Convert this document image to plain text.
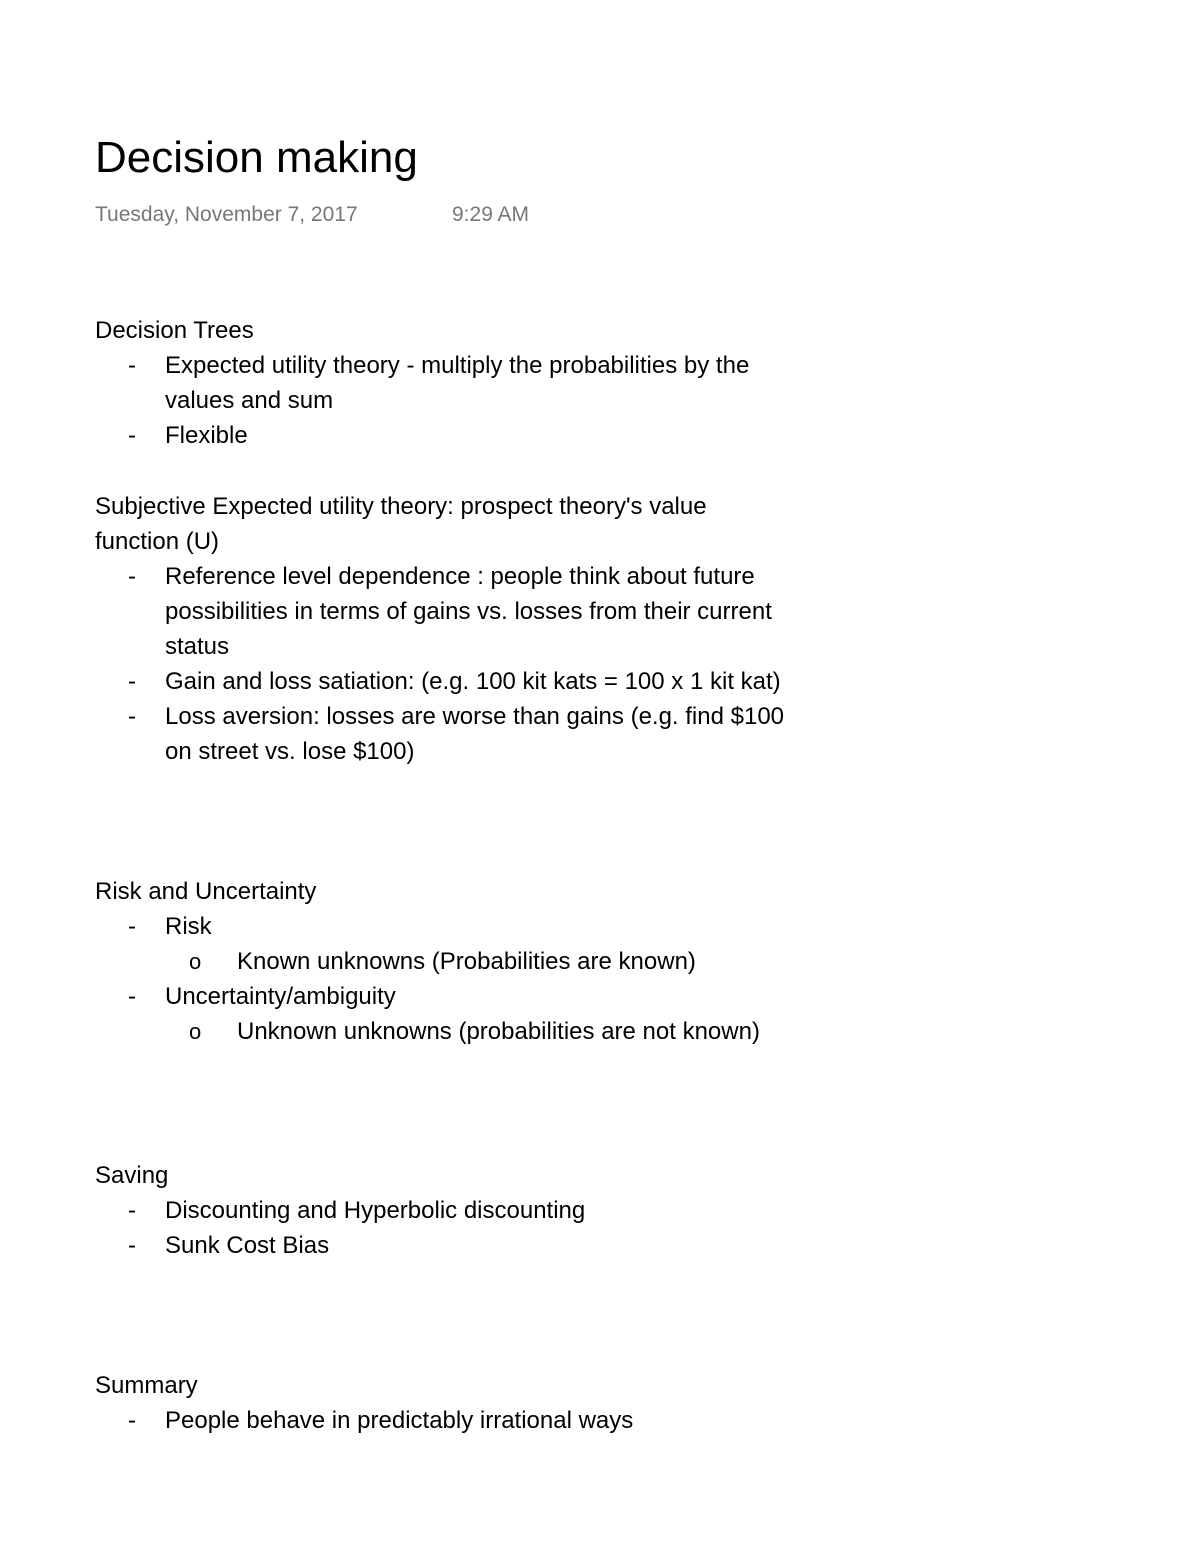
Decision making
Tuesday, November 7, 2017	9:29 AM
Decision Trees
- Expected utility theory - multiply the probabilities by the values and sum
- Flexible
Subjective Expected utility theory: prospect theory's value function (U)
- Reference level dependence : people think about future possibilities in terms of gains vs. losses from their current status
- Gain and loss satiation: (e.g. 100 kit kats = 100 x 1 kit kat)
- Loss aversion: losses are worse than gains (e.g. find $100 on street vs. lose $100)
Risk and Uncertainty
- Risk
o Known unknowns (Probabilities are known)
- Uncertainty/ambiguity
o Unknown unknowns (probabilities are not known)
Saving
- Discounting and Hyperbolic discounting
- Sunk Cost Bias
Summary
- People behave in predictably irrational ways
